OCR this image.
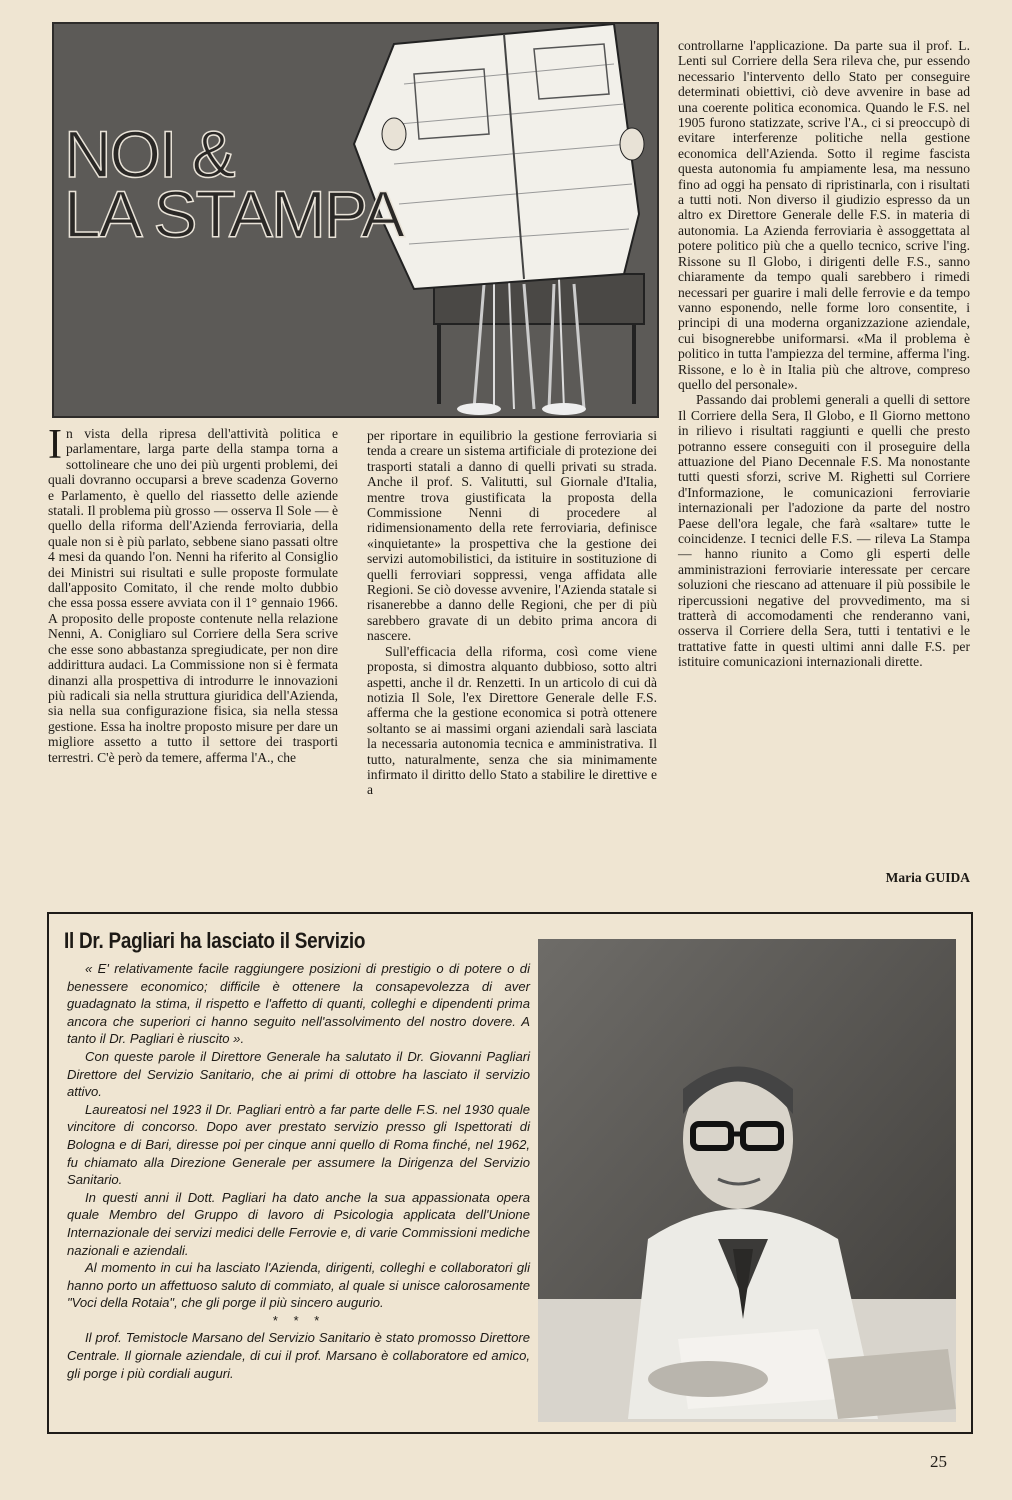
NOI &
LA STAMPA

In vista della ripresa dell'attività politica e parlamentare, larga parte della stampa torna a sottolineare che uno dei più urgenti problemi, dei quali dovranno occuparsi a breve scadenza Governo e Parlamento, è quello del riassetto delle aziende statali. Il problema più grosso — osserva Il Sole — è quello della riforma dell'Azienda ferroviaria, della quale non si è più parlato, sebbene siano passati oltre 4 mesi da quando l'on. Nenni ha riferito al Consiglio dei Ministri sui risultati e sulle proposte formulate dall'apposito Comitato, il che rende molto dubbio che essa possa essere avviata con il 1° gennaio 1966. A proposito delle proposte contenute nella relazione Nenni, A. Conigliaro sul Corriere della Sera scrive che esse sono abbastanza spregiudicate, per non dire addirittura audaci. La Commissione non si è fermata dinanzi alla prospettiva di introdurre le innovazioni più radicali sia nella struttura giuridica dell'Azienda, sia nella sua configurazione fisica, sia nella stessa gestione. Essa ha inoltre proposto misure per dare un migliore assetto a tutto il settore dei trasporti terrestri. C'è però da temere, afferma l'A., che

per riportare in equilibrio la gestione ferroviaria si tenda a creare un sistema artificiale di protezione dei trasporti statali a danno di quelli privati su strada. Anche il prof. S. Valitutti, sul Giornale d'Italia, mentre trova giustificata la proposta della Commissione Nenni di procedere al ridimensionamento della rete ferroviaria, definisce «inquietante» la prospettiva che la gestione dei servizi automobilistici, da istituire in sostituzione di quelli ferroviari soppressi, venga affidata alle Regioni. Se ciò dovesse avvenire, l'Azienda statale si risanerebbe a danno delle Regioni, che per di più sarebbero gravate di un debito prima ancora di nascere.

Sull'efficacia della riforma, così come viene proposta, si dimostra alquanto dubbioso, sotto altri aspetti, anche il dr. Renzetti. In un articolo di cui dà notizia Il Sole, l'ex Direttore Generale delle F.S. afferma che la gestione economica si potrà ottenere soltanto se ai massimi organi aziendali sarà lasciata la necessaria autonomia tecnica e amministrativa. Il tutto, naturalmente, senza che sia minimamente infirmato il diritto dello Stato a stabilire le direttive e a

controllarne l'applicazione. Da parte sua il prof. L. Lenti sul Corriere della Sera rileva che, pur essendo necessario l'intervento dello Stato per conseguire determinati obiettivi, ciò deve avvenire in base ad una coerente politica economica. Quando le F.S. nel 1905 furono statizzate, scrive l'A., ci si preoccupò di evitare interferenze politiche nella gestione economica dell'Azienda. Sotto il regime fascista questa autonomia fu ampiamente lesa, ma nessuno fino ad oggi ha pensato di ripristinarla, con i risultati a tutti noti. Non diverso il giudizio espresso da un altro ex Direttore Generale delle F.S. in materia di autonomia. La Azienda ferroviaria è assoggettata al potere politico più che a quello tecnico, scrive l'ing. Rissone su Il Globo, i dirigenti delle F.S., sanno chiaramente da tempo quali sarebbero i rimedi necessari per guarire i mali delle ferrovie e da tempo vanno esponendo, nelle forme loro consentite, i principi di una moderna organizzazione aziendale, cui bisognerebbe uniformarsi. «Ma il problema è politico in tutta l'ampiezza del termine, afferma l'ing. Rissone, e lo è in Italia più che altrove, compreso quello del personale».

Passando dai problemi generali a quelli di settore Il Corriere della Sera, Il Globo, e Il Giorno mettono in rilievo i risultati raggiunti e quelli che presto potranno essere conseguiti con il proseguire della attuazione del Piano Decennale F.S. Ma nonostante tutti questi sforzi, scrive M. Righetti sul Corriere d'Informazione, le comunicazioni ferroviarie internazionali per l'adozione da parte del nostro Paese dell'ora legale, che farà «saltare» tutte le coincidenze. I tecnici delle F.S. — rileva La Stampa — hanno riunito a Como gli esperti delle amministrazioni ferroviarie interessate per cercare soluzioni che riescano ad attenuare il più possibile le ripercussioni negative del provvedimento, ma si tratterà di accomodamenti che renderanno vani, osserva il Corriere della Sera, tutti i tentativi e le trattative fatte in questi ultimi anni dalle F.S. per istituire comunicazioni internazionali dirette.

Maria GUIDA
Il Dr. Pagliari ha lasciato il Servizio

« E' relativamente facile raggiungere posizioni di prestigio o di potere o di benessere economico; difficile è ottenere la consapevolezza di aver guadagnato la stima, il rispetto e l'affetto di quanti, colleghi e dipendenti prima ancora che superiori ci hanno seguito nell'assolvimento del nostro dovere. A tanto il Dr. Pagliari è riuscito ».

Con queste parole il Direttore Generale ha salutato il Dr. Giovanni Pagliari Direttore del Servizio Sanitario, che ai primi di ottobre ha lasciato il servizio attivo.

Laureatosi nel 1923 il Dr. Pagliari entrò a far parte delle F.S. nel 1930 quale vincitore di concorso. Dopo aver prestato servizio presso gli Ispettorati di Bologna e di Bari, diresse poi per cinque anni quello di Roma finché, nel 1962, fu chiamato alla Direzione Generale per assumere la Dirigenza del Servizio Sanitario.

In questi anni il Dott. Pagliari ha dato anche la sua appassionata opera quale Membro del Gruppo di lavoro di Psicologia applicata dell'Unione Internazionale dei servizi medici delle Ferrovie e, di varie Commissioni mediche nazionali e aziendali.

Al momento in cui ha lasciato l'Azienda, dirigenti, colleghi e collaboratori gli hanno porto un affettuoso saluto di commiato, al quale si unisce calorosamente "Voci della Rotaia", che gli porge il più sincero augurio.

* * *

Il prof. Temistocle Marsano del Servizio Sanitario è stato promosso Direttore Centrale. Il giornale aziendale, di cui il prof. Marsano è collaboratore ed amico, gli porge i più cordiali auguri.

25
